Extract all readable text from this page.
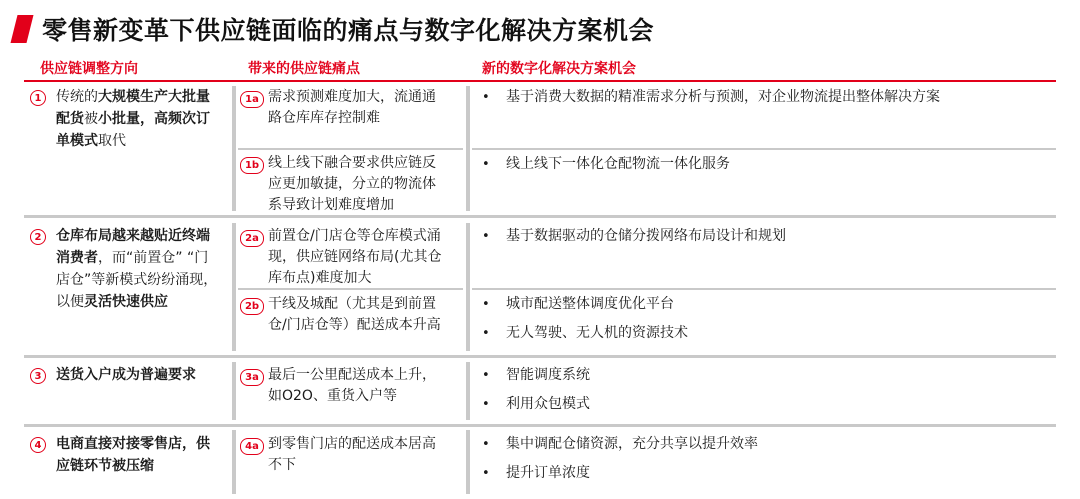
零售新变革下供应链面临的痛点与数字化解决方案机会
供应链调整方向	带来的供应链痛点	新的数字化解决方案机会
1	传统的大规模生产大批量配货被小批量，高频次订单模式取代
1a 需求预测难度加大，流通通
路仓库库存控制难
• 基于消费大数据的精准需求分析与预测，对企业物流提出整体解决方案
1b 线上线下融合要求供应链反
应更加敏捷，分立的物流体
系导致计划难度增加
• 线上线下一体化仓配物流一体化服务
2	仓库布局越来越贴近终端消费者，而“前置仓” “门店仓”等新模式纷纷涌现，以便灵活快速供应
2a 前置仓/门店仓等仓库模式涌
现，供应链网络布局(尤其仓
库布点)难度加大
• 基于数据驱动的仓储分拨网络布局设计和规划
2b 干线及城配（尤其是到前置
仓/门店仓等）配送成本升高
• 城市配送整体调度优化平台
• 无人驾驶、无人机的资源技术
3	送货入户成为普遍要求	3a 最后一公里配送成本上升，
如O2O、重货入户等
• 智能调度系统
• 利用众包模式
4	电商直接对接零售店，供应链环节被压缩
4a 到零售门店的配送成本居高
不下
• 集中调配仓储资源，充分共享以提升效率
• 提升订单浓度
